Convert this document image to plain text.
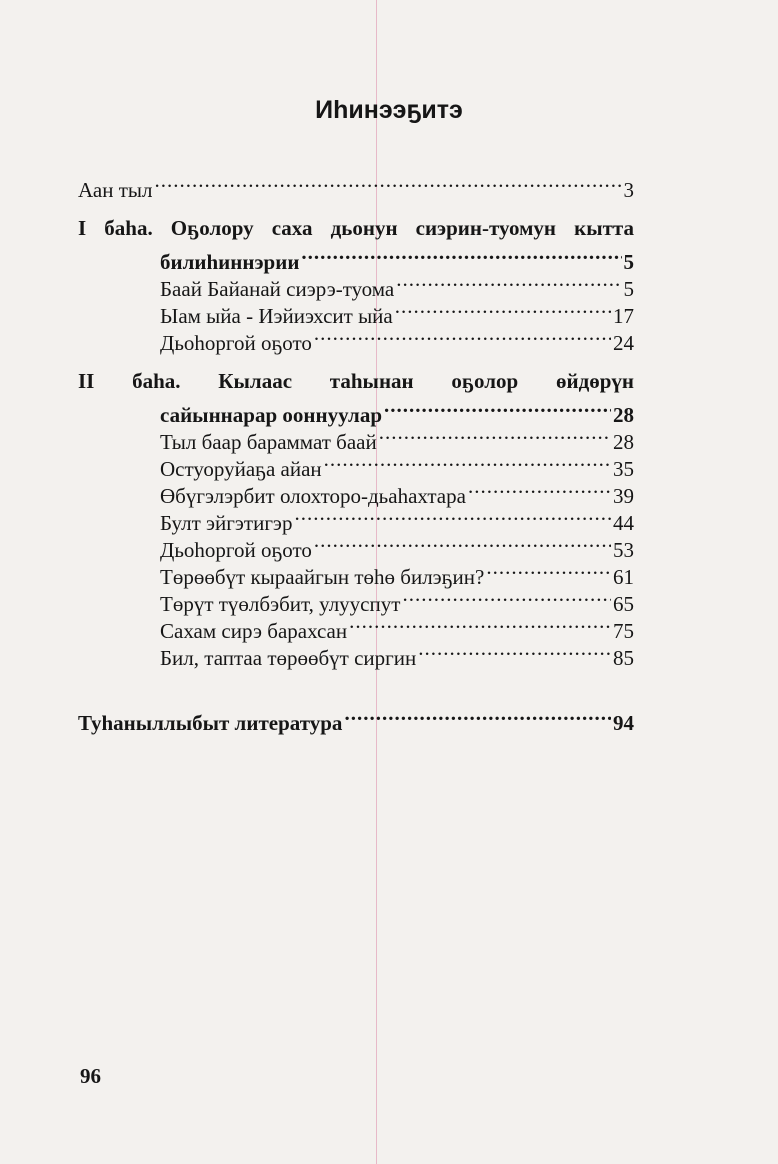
Иhинээҕитэ
Аан тыл .....	3
I баhа. Оҕолору саха дьонун сиэрин-туомун кытта
билиhиннэрии .....	5
Баай Байанай сиэрэ-туома .....	5
Ыам ыйа - Иэйиэхсит ыйа .....	17
Дьоhоргой оҕото .....	24
II баhа. Кылаас таhынан оҕолор өйдөрүн
сайыннарар ооннуулар .....	28
Тыл баар бараммат баай .....	28
Остуоруйаҕа айан .....	35
Өбүгэлэрбит олохторо-дьаhахтара .....	39
Булт эйгэтигэр .....	44
Дьоhоргой оҕото .....	53
Төрөөбүт кыраайгын төhө билэҕин? .....	61
Төрүт түөлбэбит, улууспут .....	65
Сахам сирэ барахсан .....	75
Бил, таптаа төрөөбүт сиргин .....	85
Туhаныллыбыт литература .....	94
96
